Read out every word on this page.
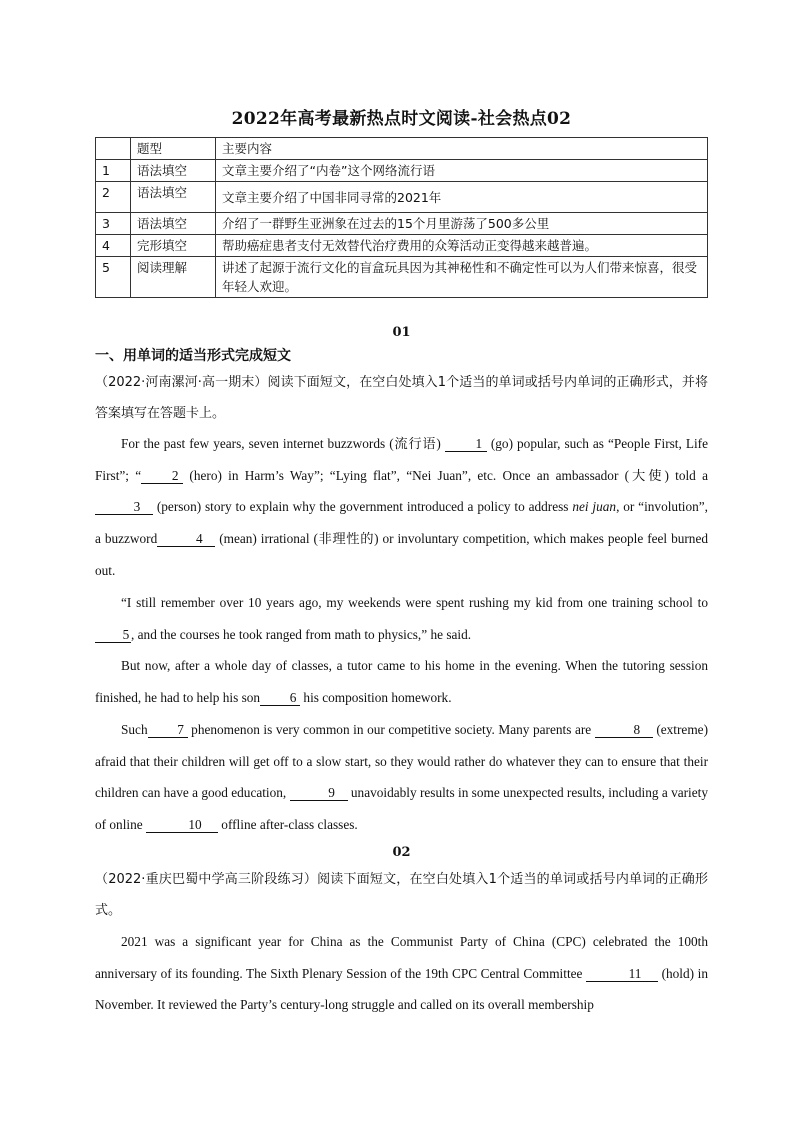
2022年高考最新热点时文阅读-社会热点02
	题型	主要内容
1	语法填空	文章主要介绍了“内卷”这个网络流行语
2	语法填空	文章主要介绍了中国非同寻常的2021年
3	语法填空	介绍了一群野生亚洲象在过去的15个月里游荡了500多公里
4	完形填空	帮助癌症患者支付无效替代治疗费用的众筹活动正变得越来越普遍。
5	阅读理解	讲述了起源于流行文化的盲盒玩具因为其神秘性和不确定性可以为人们带来惊喜，很受年轻人欢迎。
01
一、用单词的适当形式完成短文
（2022·河南漯河·高一期末）阅读下面短文，在空白处填入1个适当的单词或括号内单词的正确形式，并将答案填写在答题卡上。
For the past few years, seven internet buzzwords (流行语) 1 (go) popular, such as “People First, Life First”; “ 2 (hero) in Harm’s Way”; “Lying flat”, “Nei Juan”, etc. Once an ambassador (大使) told a 3 (person) story to explain why the government introduced a policy to address nei juan, or “involution”, a buzzword	4 (mean) irrational (非理性的) or involuntary competition, which makes people feel burned out.
“I still remember over 10 years ago, my weekends were spent rushing my kid from one training school to5 , and the courses he took ranged from math to physics,” he said.
But now, after a whole day of classes, a tutor came to his home in the evening. When the tutoring session finished, he had to help his son 6 his composition homework.
Such 7 phenomenon is very common in our competitive society. Many parents are	8 (extreme) afraid that their children will get off to a slow start, so they would rather do whatever they can to ensure that their children can have a good education,	9 unavoidably results in some unexpected results, including a variety of online	10 offline after-class classes.
02
（2022·重庆巴蜀中学高三阶段练习）阅读下面短文，在空白处填入1个适当的单词或括号内单词的正确形式。
2021 was a significant year for China as the Communist Party of China (CPC) celebrated the 100th anniversary of its founding. The Sixth Plenary Session of the 19th CPC Central Committee	11 (hold) in November. It reviewed the Party’s century-long struggle and called on its overall membership
